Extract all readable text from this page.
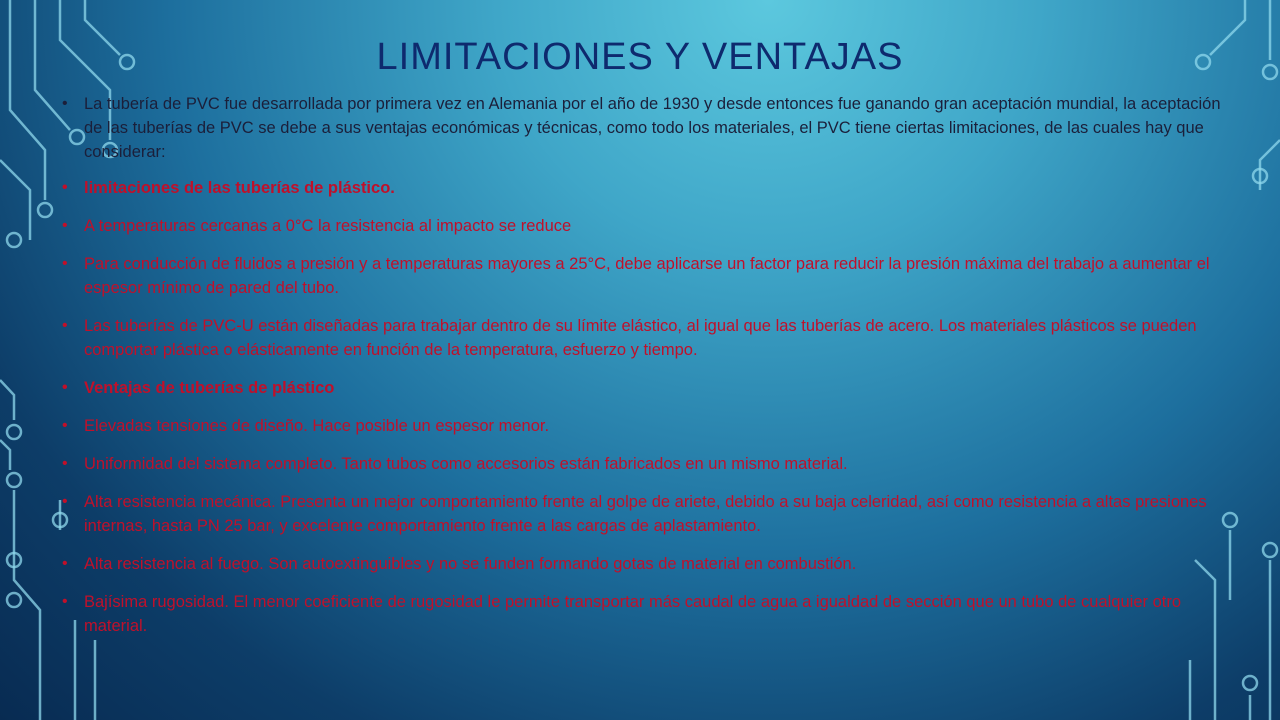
LIMITACIONES Y VENTAJAS
• La tubería de PVC fue desarrollada por primera vez en Alemania por el año de 1930 y desde entonces fue ganando gran aceptación mundial, la aceptación de las tuberías de PVC se debe a sus ventajas económicas y técnicas, como todo los materiales, el PVC tiene ciertas limitaciones, de las cuales hay que considerar:
• limitaciones de las tuberías de plástico.
• A temperaturas cercanas a 0°C la resistencia al impacto se reduce
• Para conducción de fluidos a presión y a temperaturas mayores a 25°C, debe aplicarse un factor para reducir la presión máxima del trabajo a aumentar el espesor mínimo de pared del tubo.
• Las tuberías de PVC-U están diseñadas para trabajar dentro de su límite elástico, al igual que las tuberías de acero. Los materiales plásticos se pueden comportar plástica o elásticamente en función de la temperatura, esfuerzo y tiempo.
• Ventajas de tuberías de plástico
• Elevadas tensiones de diseño. Hace posible un espesor menor.
• Uniformidad del sistema completo. Tanto tubos como accesorios están fabricados en un mismo material.
• Alta resistencia mecánica. Presenta un mejor comportamiento frente al golpe de ariete, debido a su baja celeridad, así como resistencia a altas presiones internas, hasta PN 25 bar, y excelente comportamiento frente a las cargas de aplastamiento.
• Alta resistencia al fuego. Son autoextinguibles y no se funden formando gotas de material en combustión.
• Bajísima rugosidad. El menor coeficiente de rugosidad le permite transportar más caudal de agua a igualdad de sección que un tubo de cualquier otro material.
